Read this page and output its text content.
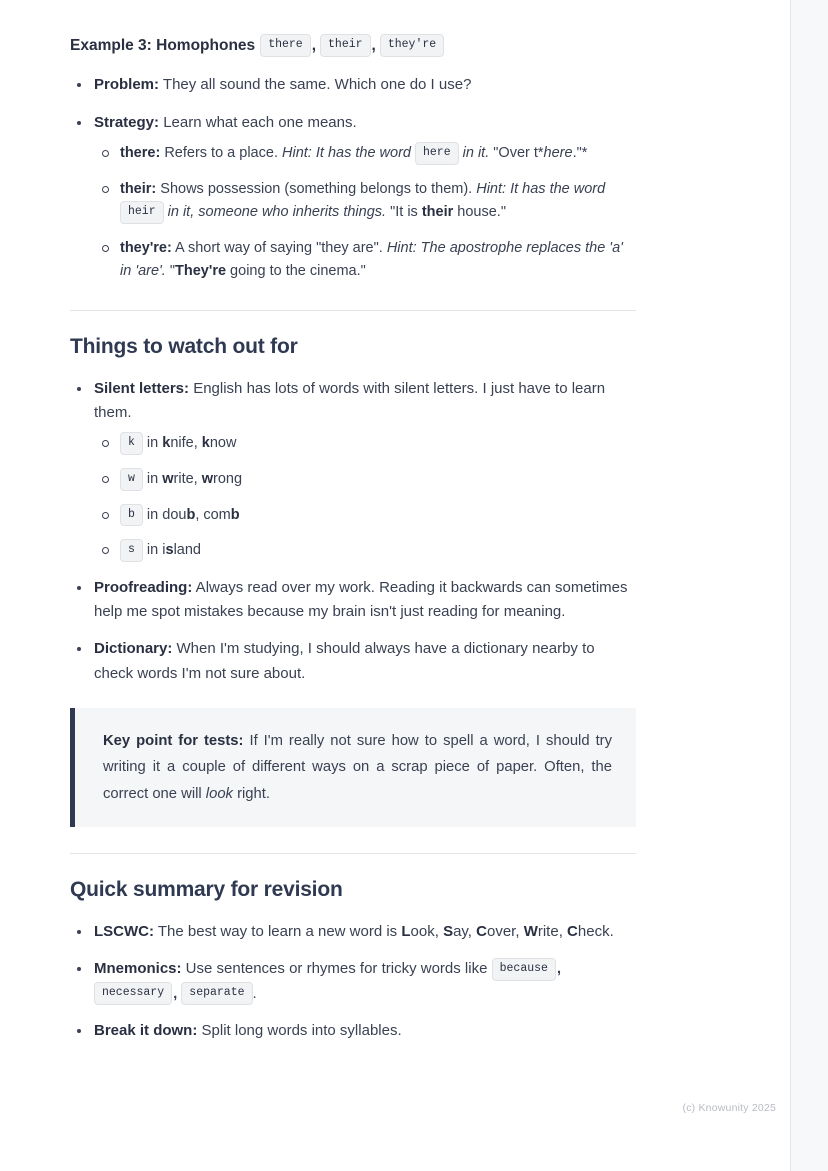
Example 3: Homophones	there ,	their ,	they're
Problem: They all sound the same. Which one do I use?
Strategy: Learn what each one means.
there: Refers to a place. Hint: It has the word here in it. "Over t*here."*
their: Shows possession (something belongs to them). Hint: It has the word heir in it, someone who inherits things. "It is their house."
they're: A short way of saying "they are". Hint: The apostrophe replaces the 'a' in 'are'. "They're going to the cinema."
Things to watch out for
Silent letters: English has lots of words with silent letters. I just have to learn them.
k in knife, know
w in write, wrong
b in doub, comb
s in island
Proofreading: Always read over my work. Reading it backwards can sometimes help me spot mistakes because my brain isn't just reading for meaning.
Dictionary: When I'm studying, I should always have a dictionary nearby to check words I'm not sure about.
Key point for tests: If I'm really not sure how to spell a word, I should try writing it a couple of different ways on a scrap piece of paper. Often, the correct one will look right.
Quick summary for revision
LSCWC: The best way to learn a new word is Look, Say, Cover, Write, Check.
Mnemonics: Use sentences or rhymes for tricky words like because ,necessary , separate .
Break it down: Split long words into syllables.
(c) Knowunity 2025
